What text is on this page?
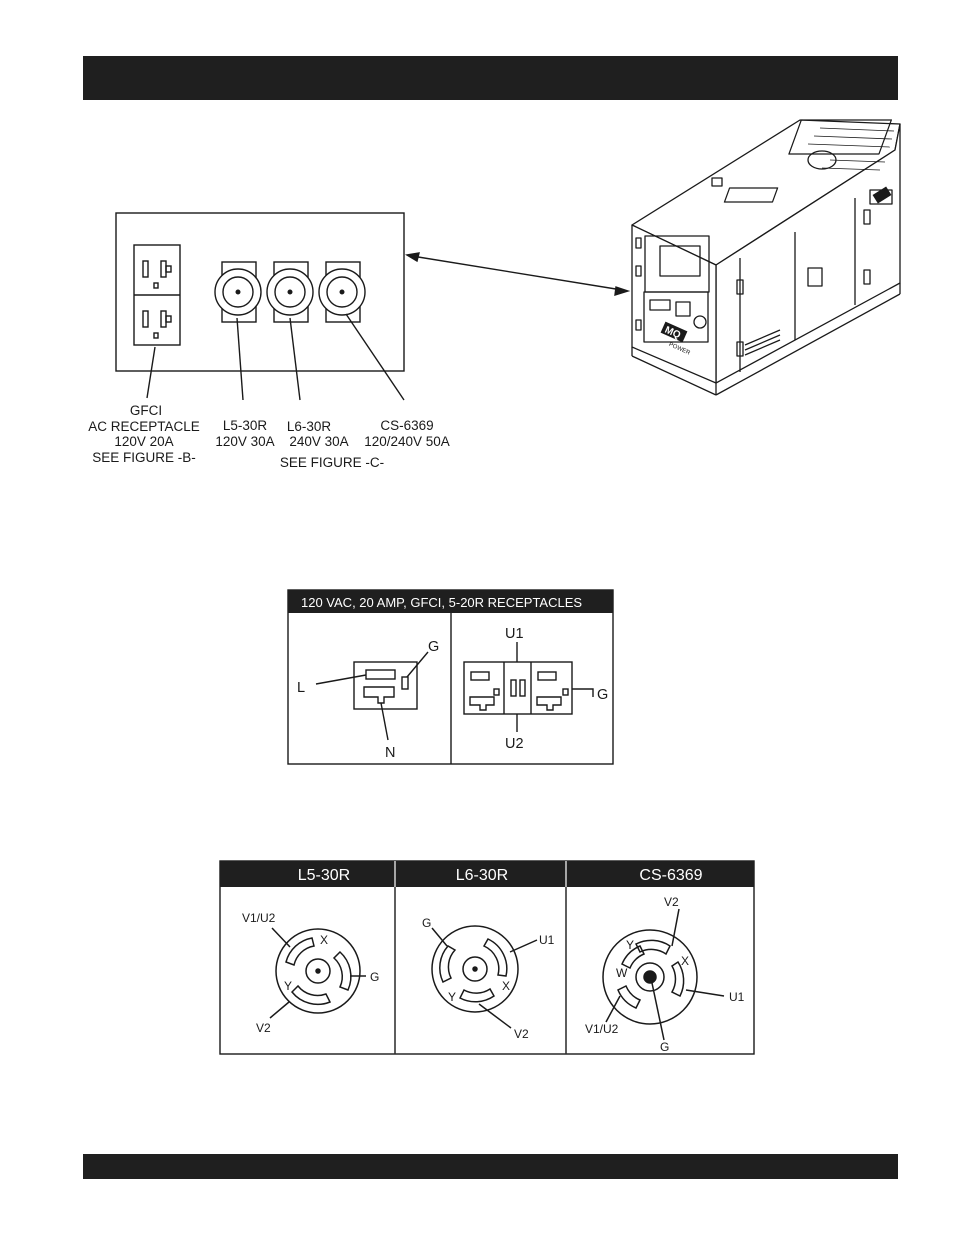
GFCI
AC RECEPTACLE
120V 20A
SEE FIGURE -B-
L5-30R
120V 30A
L6-30R
240V 30A
CS-6369
120/240V 50A
SEE FIGURE -C-
MQ
POWER
120 VAC, 20 AMP, GFCI, 5-20R RECEPTACLES
L
G
N
U1
U2
G
L5-30R	L6-30R	CS-6369
V1/U2
X
G
Y
V2
G
U1
X
Y
V2
V2
Y
X
W
U1
V1/U2
G
